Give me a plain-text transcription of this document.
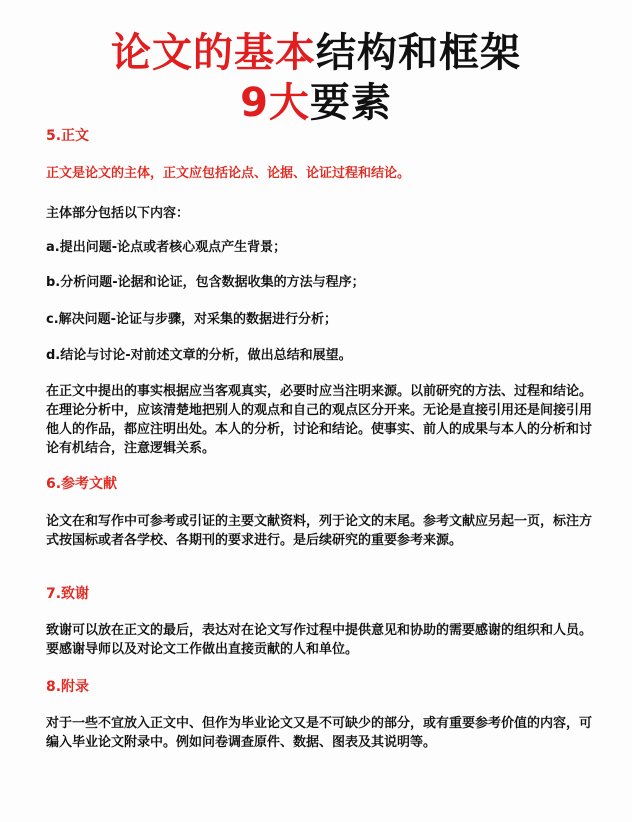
论文的基本结构和框架
9大要素

5.正文

正文是论文的主体，正文应包括论点、论据、论证过程和结论。

主体部分包括以下内容：

a.提出问题-论点或者核心观点产生背景；

b.分析问题-论据和论证，包含数据收集的方法与程序；

c.解决问题-论证与步骤，对采集的数据进行分析；

d.结论与讨论-对前述文章的分析，做出总结和展望。

在正文中提出的事实根据应当客观真实，必要时应当注明来源。以前研究的方法、过程和结论。在理论分析中，应该清楚地把别人的观点和自己的观点区分开来。无论是直接引用还是间接引用他人的作品，都应注明出处。本人的分析，讨论和结论。使事实、前人的成果与本人的分析和讨论有机结合，注意逻辑关系。

6.参考文献

论文在和写作中可参考或引证的主要文献资料，列于论文的末尾。参考文献应另起一页，标注方式按国标或者各学校、各期刊的要求进行。是后续研究的重要参考来源。

7.致谢

致谢可以放在正文的最后，表达对在论文写作过程中提供意见和协助的需要感谢的组织和人员。要感谢导师以及对论文工作做出直接贡献的人和单位。

8.附录

对于一些不宜放入正文中、但作为毕业论文又是不可缺少的部分，或有重要参考价值的内容，可编入毕业论文附录中。例如问卷调查原件、数据、图表及其说明等。
